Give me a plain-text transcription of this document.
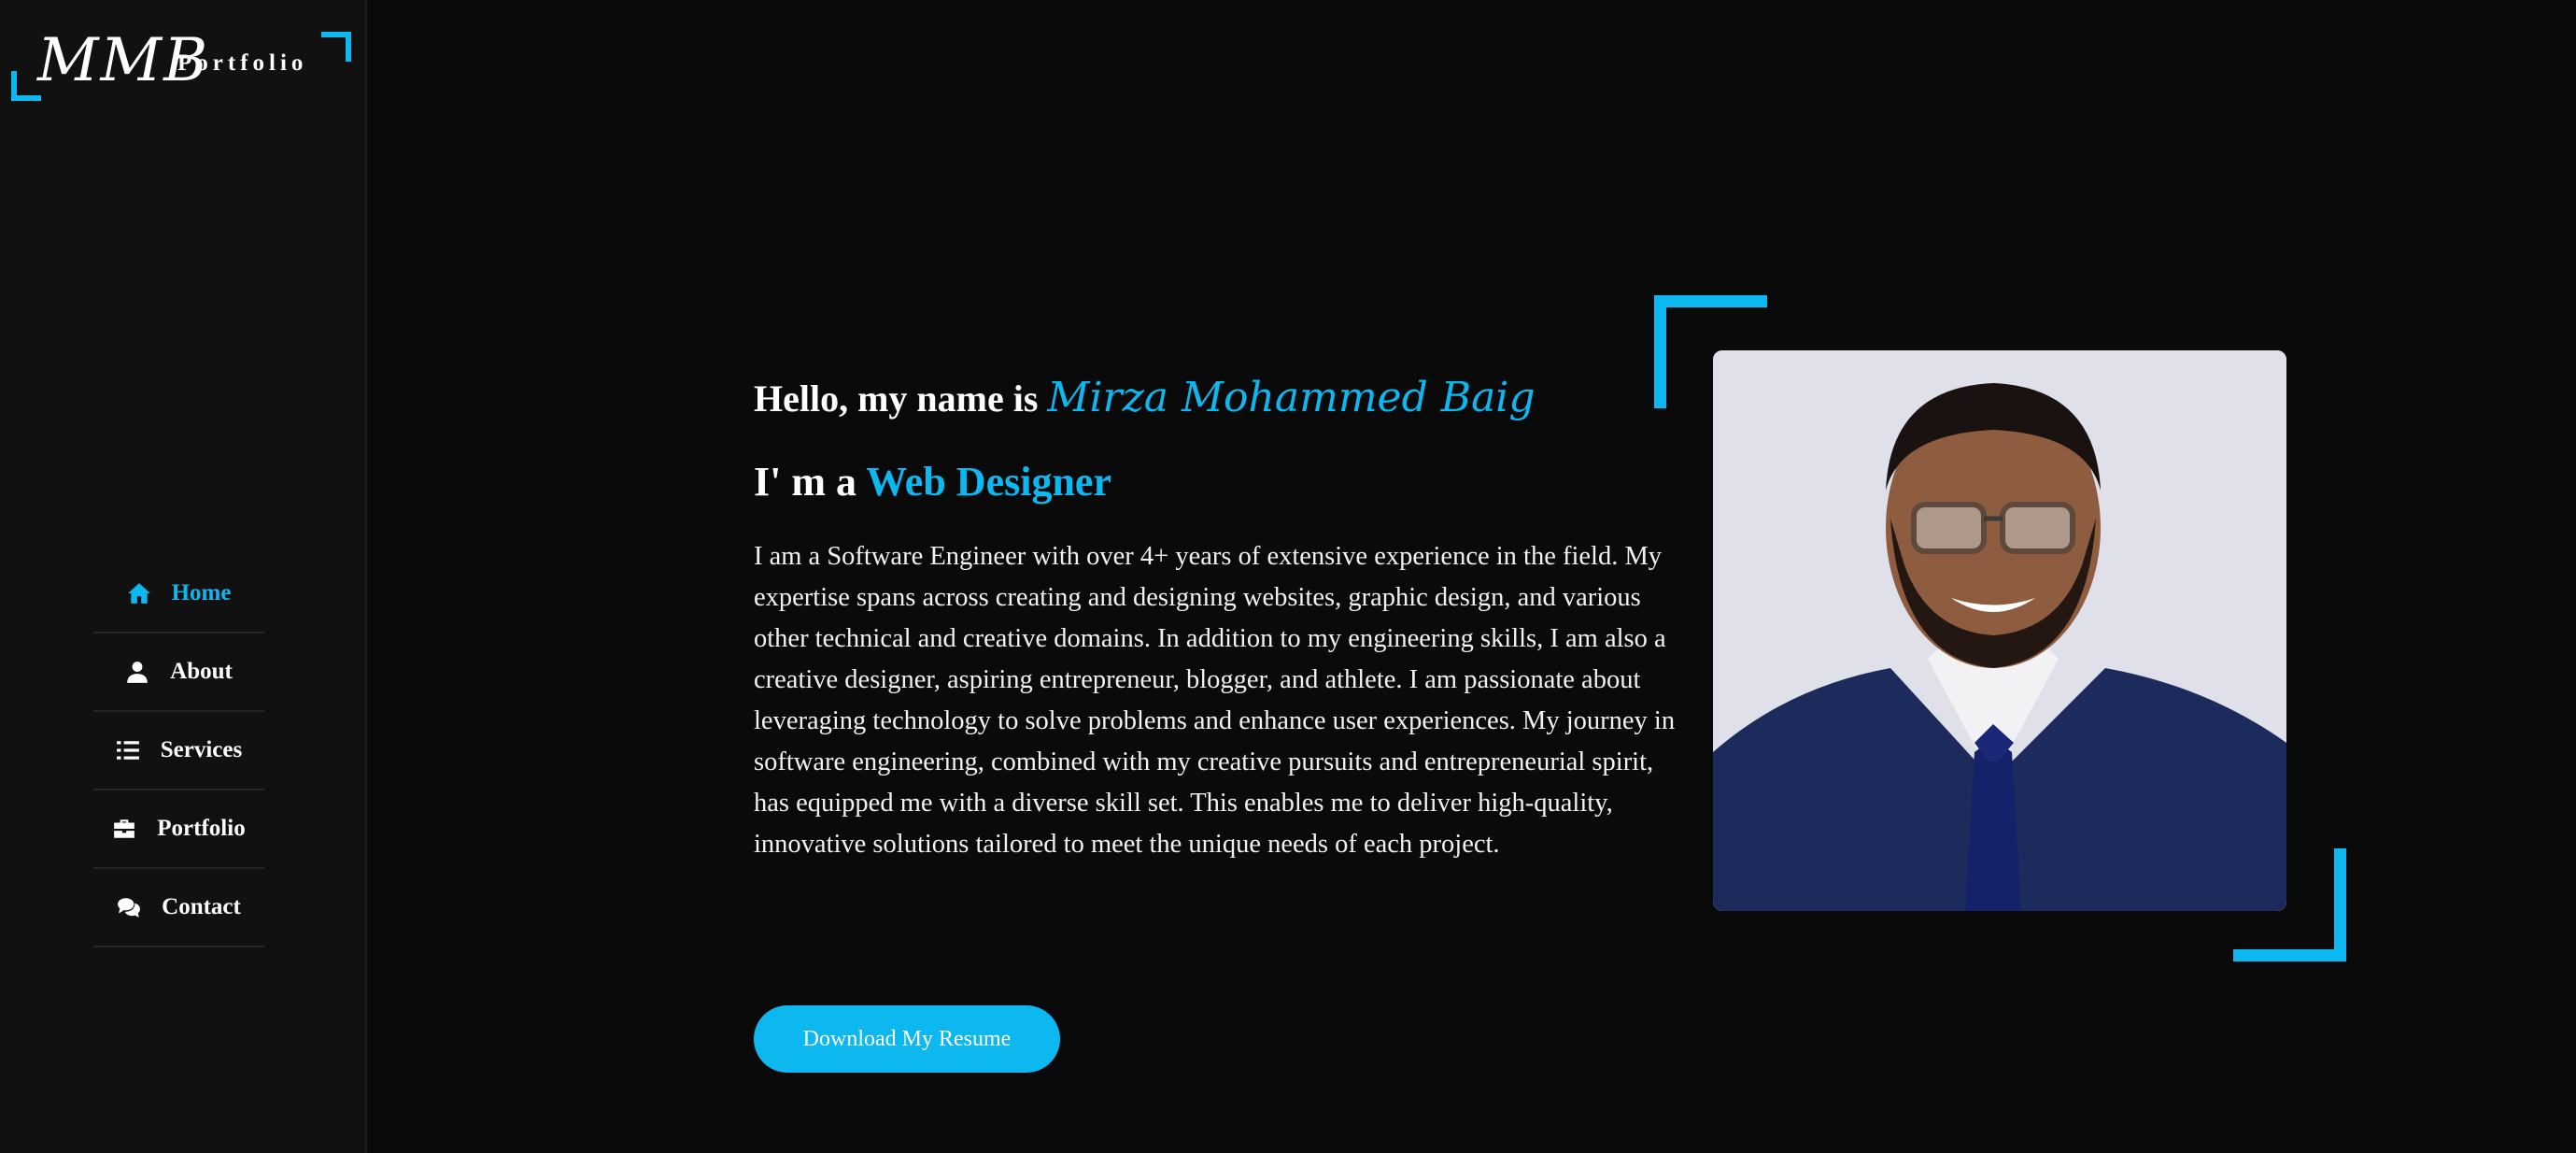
MMB
Portfolio
Home
About
Services
Portfolio
Contact
Hello, my name is Mirza Mohammed Baig
I' m a Web Designer

I am a Software Engineer with over 4+ years of extensive experience in the field. My expertise spans across creating and designing websites, graphic design, and various other technical and creative domains. In addition to my engineering skills, I am also a creative designer, aspiring entrepreneur, blogger, and athlete. I am passionate about leveraging technology to solve problems and enhance user experiences. My journey in software engineering, combined with my creative pursuits and entrepreneurial spirit, has equipped me with a diverse skill set. This enables me to deliver high-quality, innovative solutions tailored to meet the unique needs of each project.

Download My Resume
